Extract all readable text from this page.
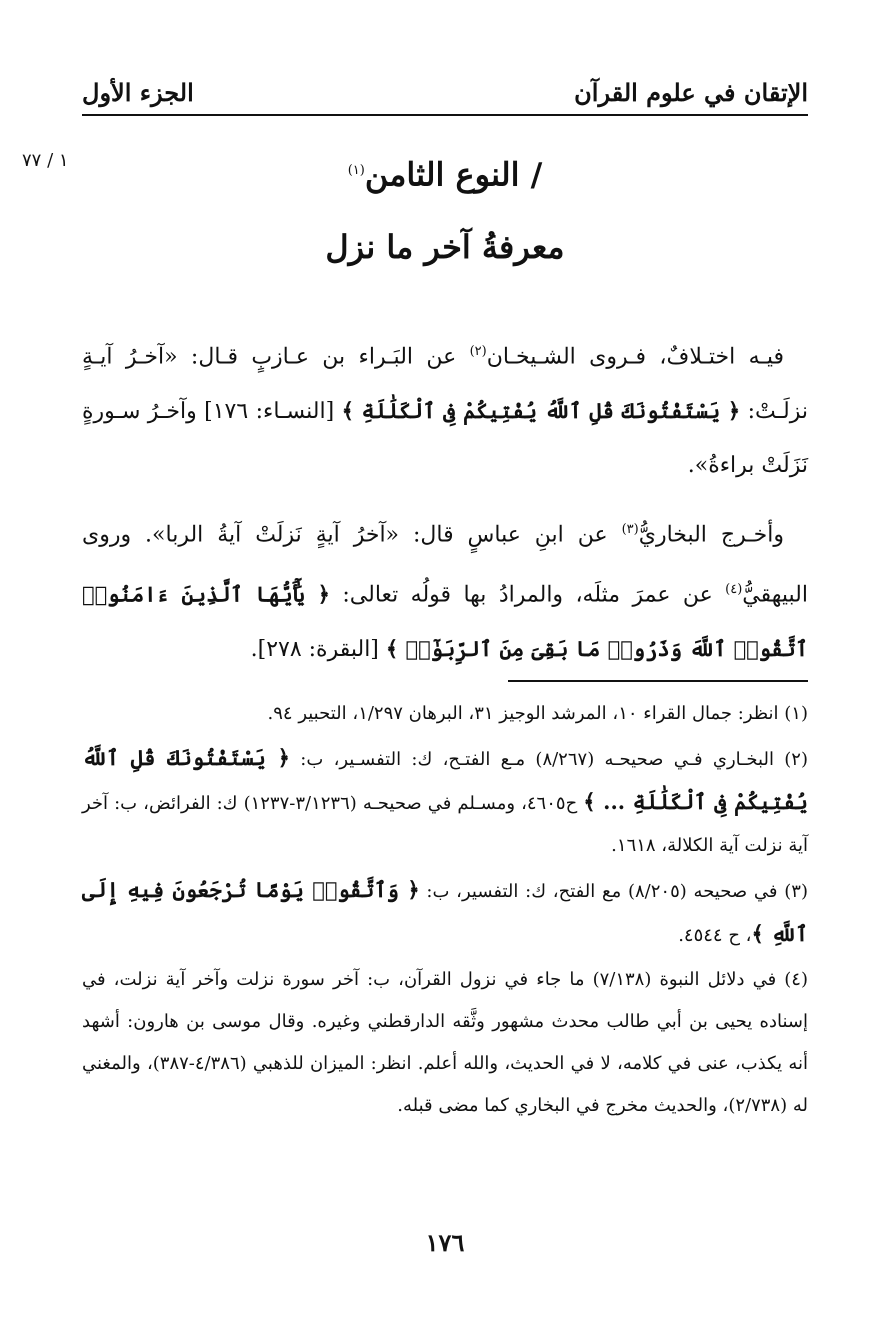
الإتقان في علوم القرآن
الجزء الأول
١ / ٧٧	/ النوع الثامن$^{(١)}$
معرفةُ آخر ما نزل

فيـه اختـلافٌ، فـروى الشـيخـان$^{(٢)}$ عن البَـراء بن عـازبٍ قـال: «آخـرُ آيـةٍ نزلَـتْ: ﴿ يَسْتَفْتُونَكَ قُلِ ٱللَّهُ يُفْتِيكُمْ فِى ٱلْكَلَٰلَةِ ﴾ [النسـاء: ١٧٦] وآخـرُ سـورةٍ نَزَلَتْ براءةُ».

وأخـرج البخاريُّ$^{(٣)}$ عن ابنِ عباسٍ قال: «آخرُ آيةٍ نَزلَتْ آيةُ الربا». وروى البيهقيُّ$^{(٤)}$ عن عمرَ مثلَه، والمرادُ بها قولُه تعالى: ﴿ يَٰٓأَيُّهَا ٱلَّذِينَ ءَامَنُوا۟ ٱتَّقُوا۟ ٱللَّهَ وَذَرُوا۟ مَا بَقِىَ مِنَ ٱلرِّبَوٰٓا۟ ﴾ [البقرة: ٢٧٨].

(١) انظر: جمال القراء ١٠، المرشد الوجيز ٣١، البرهان ١/٢٩٧، التحبير ٩٤.

(٢) البخـاري فـي صحيحـه (٨/٢٦٧) مـع الفتـح، ك: التفسـير، ب: ﴿ يَسْتَفْتُونَكَ قُلِ ٱللَّهُ يُفْتِيكُمْ فِى ٱلْكَلَٰلَةِ ... ﴾ ح٤٦٠٥، ومسـلم في صحيحـه (٣/١٢٣٦-١٢٣٧) ك: الفرائض، ب: آخر آية نزلت آية الكلالة، ١٦١٨.

(٣) في صحيحه (٨/٢٠٥) مع الفتح، ك: التفسير، ب: ﴿ وَٱتَّقُوا۟ يَوْمًا تُرْجَعُونَ فِيهِ إِلَى ٱللَّهِ ﴾، ح ٤٥٤٤.

(٤) في دلائل النبوة (٧/١٣٨) ما جاء في نزول القرآن، ب: آخر سورة نزلت وآخر آية نزلت، في إسناده يحيى بن أبي طالب محدث مشهور وثَّقه الدارقطني وغيره. وقال موسى بن هارون: أشهد أنه يكذب، عنى في كلامه، لا في الحديث، والله أعلم. انظر: الميزان للذهبي (٤/٣٨٦-٣٨٧)، والمغني له (٢/٧٣٨)، والحديث مخرج في البخاري كما مضى قبله.

١٧٦
